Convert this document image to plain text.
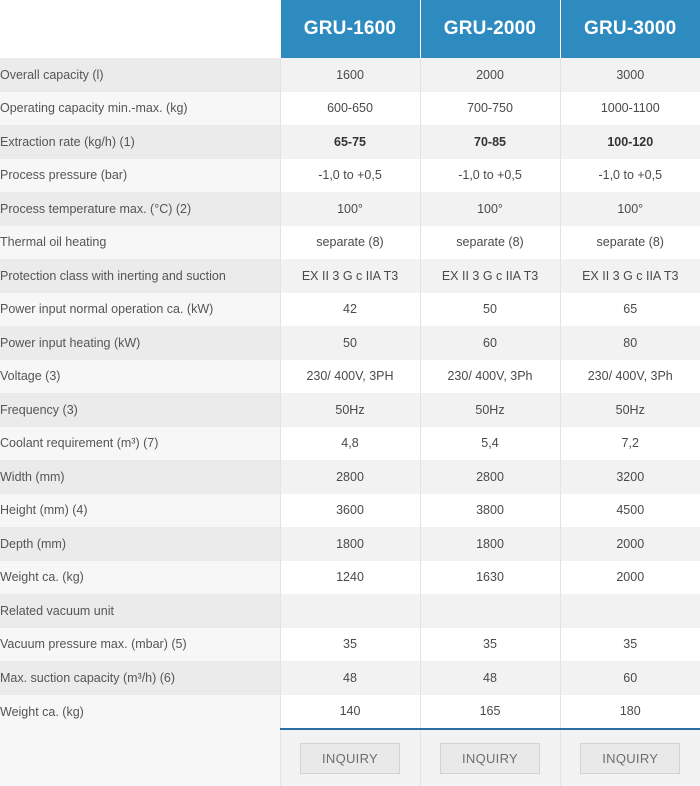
	GRU-1600	GRU-2000	GRU-3000
Overall capacity (l)	1600	2000	3000
Operating capacity min.-max. (kg)	600-650	700-750	1000-1100
Extraction rate (kg/h) (1)	65-75	70-85	100-120
Process pressure (bar)	-1,0 to +0,5	-1,0 to +0,5	-1,0 to +0,5
Process temperature max. (°C) (2)	100°	100°	100°
Thermal oil heating	separate (8)	separate (8)	separate (8)
Protection class with inerting and suction	EX II 3 G c IIA T3	EX II 3 G c IIA T3	EX II 3 G c IIA T3
Power input normal operation ca. (kW)	42	50	65
Power input heating (kW)	50	60	80
Voltage (3)	230/ 400V, 3PH	230/ 400V, 3Ph	230/ 400V, 3Ph
Frequency (3)	50Hz	50Hz	50Hz
Coolant requirement (m³) (7)	4,8	5,4	7,2
Width (mm)	2800	2800	3200
Height (mm) (4)	3600	3800	4500
Depth (mm)	1800	1800	2000
Weight ca. (kg)	1240	1630	2000
Related vacuum unit			
Vacuum pressure max. (mbar) (5)	35	35	35
Max. suction capacity (m³/h) (6)	48	48	60
Weight ca. (kg)	140	165	180
	INQUIRY	INQUIRY	INQUIRY
